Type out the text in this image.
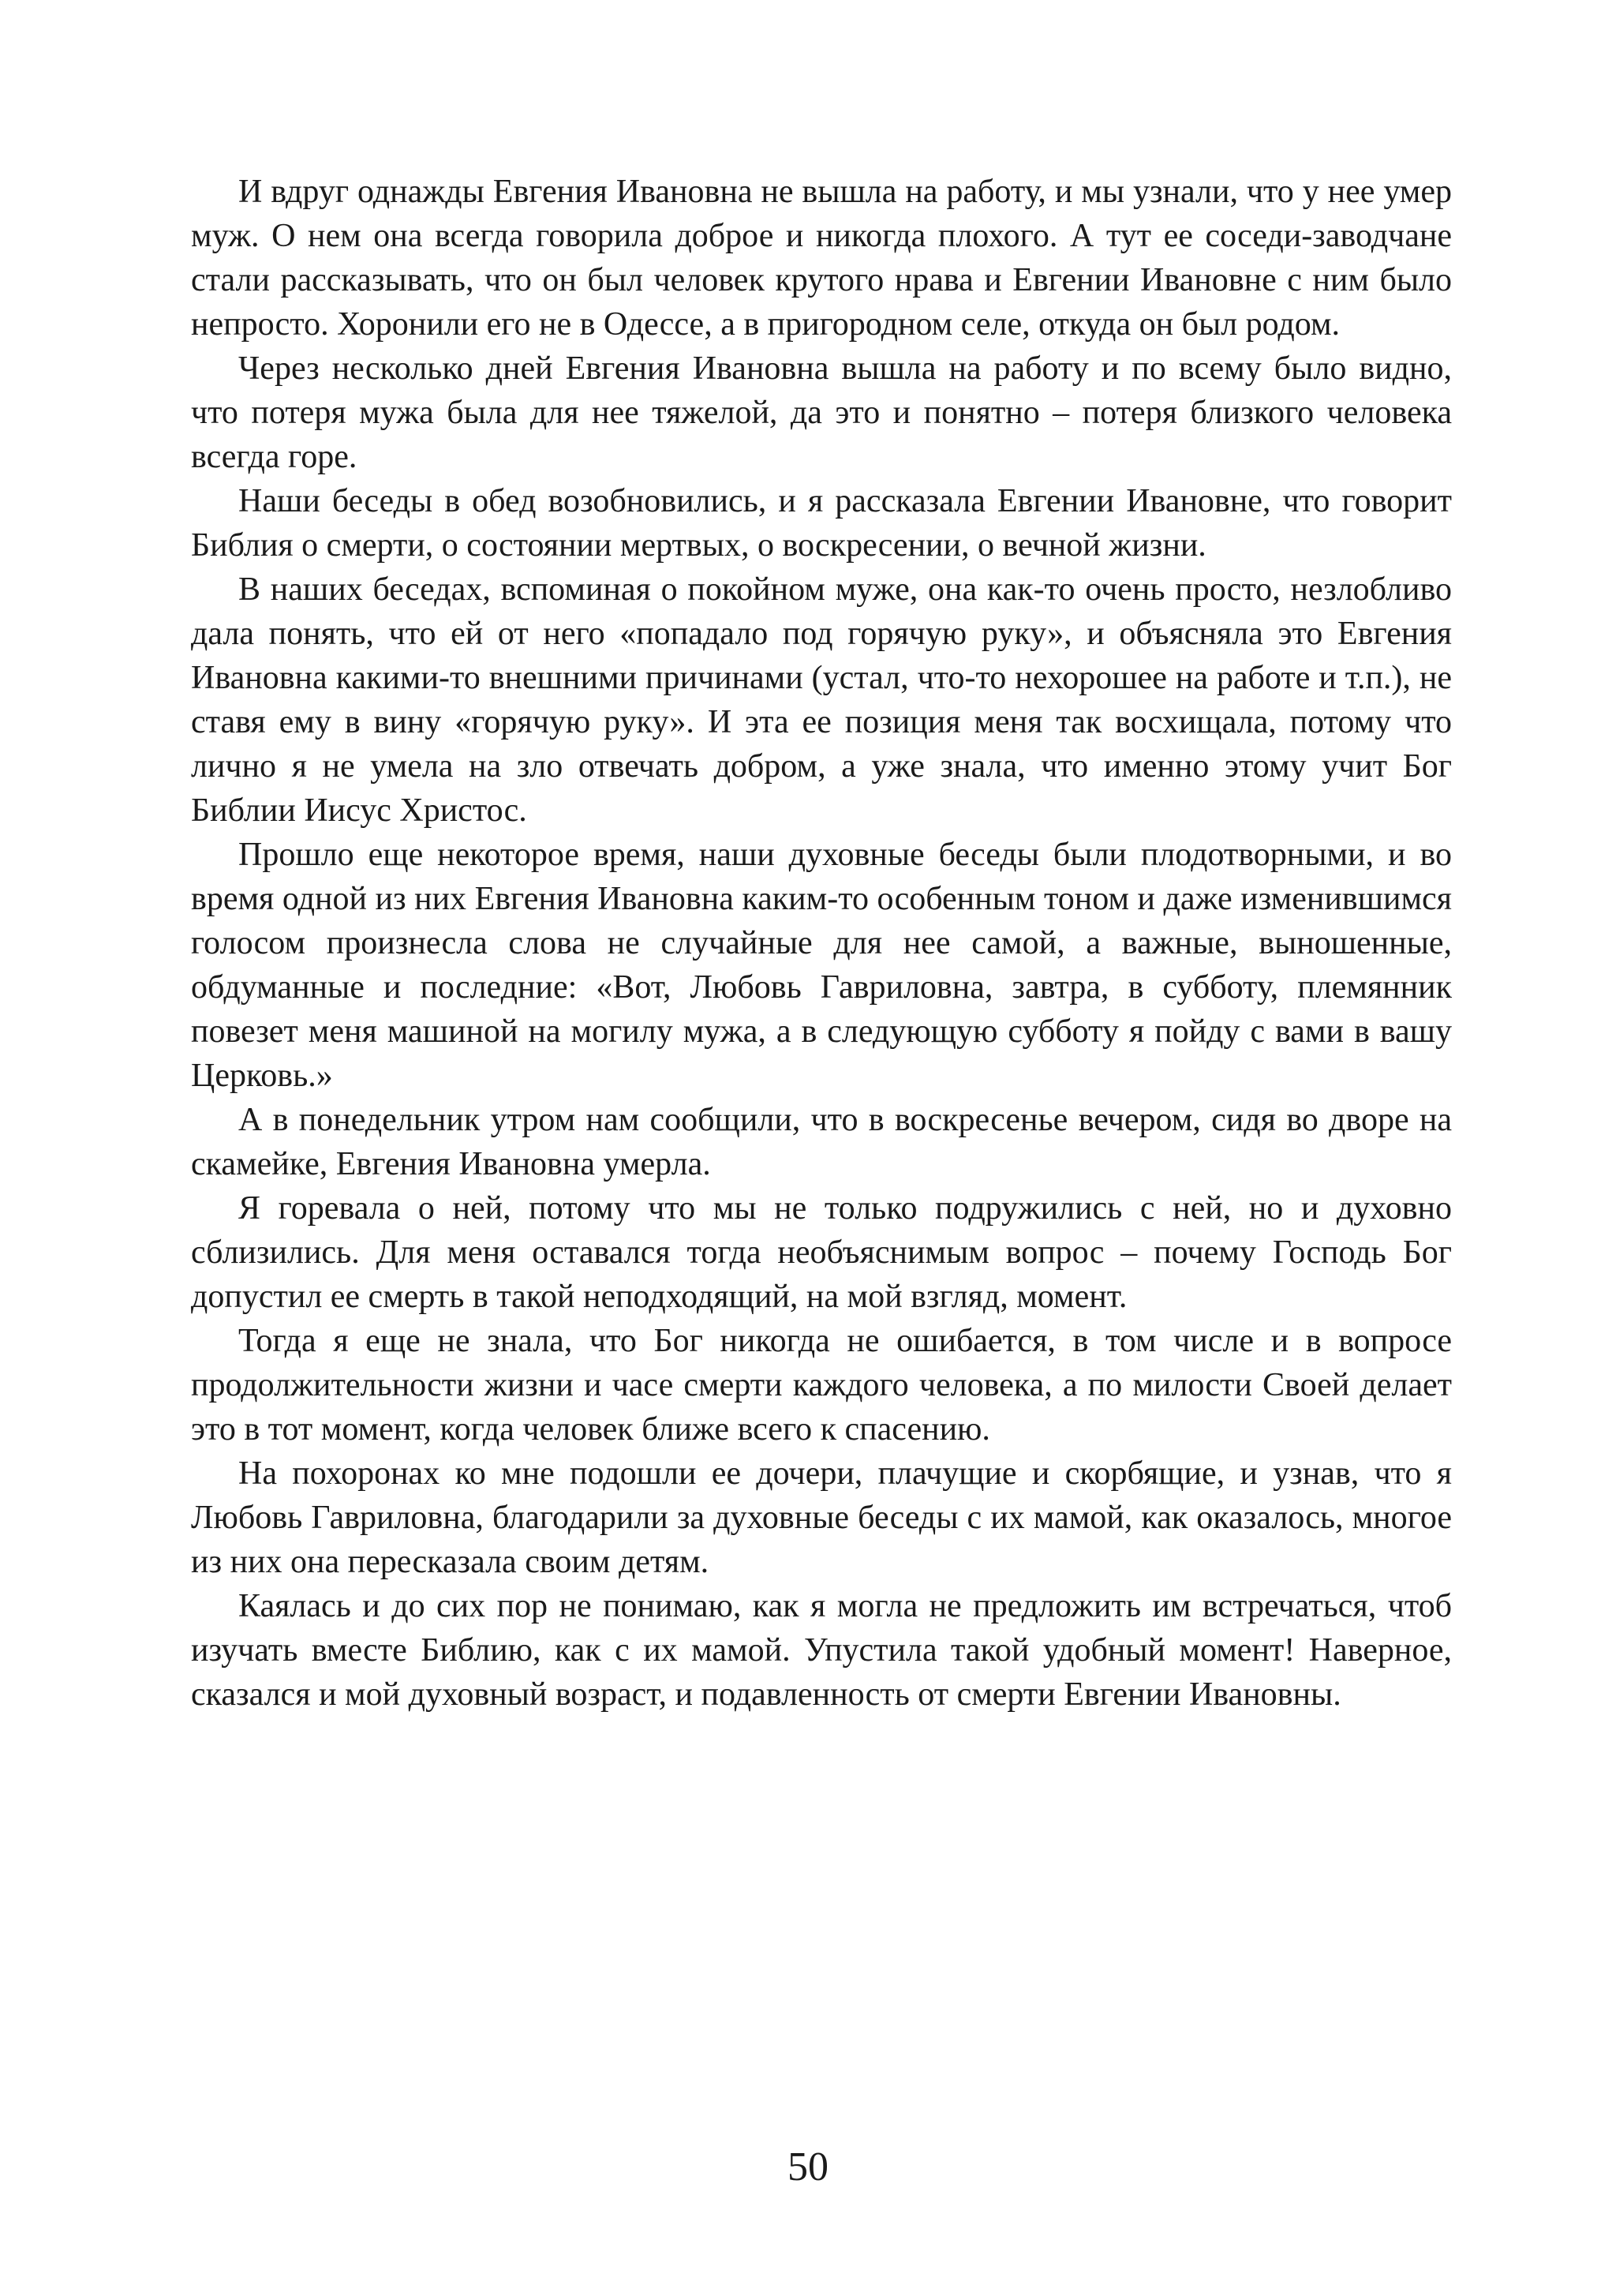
И вдруг однажды Евгения Ивановна не вышла на работу, и мы узнали, что у нее умер муж. О нем она всегда говорила доброе и никогда плохого. А тут ее соседи-заводчане стали рассказывать, что он был человек крутого нрава и Евгении Ивановне с ним было непросто. Хоронили его не в Одессе, а в пригородном селе, откуда он был родом.

Через несколько дней Евгения Ивановна вышла на работу и по всему было видно, что потеря мужа была для нее тяжелой, да это и понятно – потеря близкого человека всегда горе.

Наши беседы в обед возобновились, и я рассказала Евгении Ивановне, что говорит Библия о смерти, о состоянии мертвых, о воскресении, о вечной жизни.

В наших беседах, вспоминая о покойном муже, она как-то очень просто, незлобливо дала понять, что ей от него «попадало под горячую руку», и объясняла это Евгения Ивановна какими-то внешними причинами (устал, что-то нехорошее на работе и т.п.), не ставя ему в вину «горячую руку». И эта ее позиция меня так восхищала, потому что лично я не умела на зло отвечать добром, а уже знала, что именно этому учит Бог Библии Иисус Христос.

Прошло еще некоторое время, наши духовные беседы были плодотворными, и во время одной из них Евгения Ивановна каким-то особенным тоном и даже изменившимся голосом произнесла слова не случайные для нее самой, а важные, выношенные, обдуманные и последние: «Вот, Любовь Гавриловна, завтра, в субботу, племянник повезет меня машиной на могилу мужа, а в следующую субботу я пойду с вами в вашу Церковь.»

А в понедельник утром нам сообщили, что в воскресенье вечером, сидя во дворе на скамейке, Евгения Ивановна умерла.

Я горевала о ней, потому что мы не только подружились с ней, но и духовно сблизились. Для меня оставался тогда необъяснимым вопрос – почему Господь Бог допустил ее смерть в такой неподходящий, на мой взгляд, момент.

Тогда я еще не знала, что Бог никогда не ошибается, в том числе и в вопросе продолжительности жизни и часе смерти каждого человека, а по милости Своей делает это в тот момент, когда человек ближе всего к спасению.

На похоронах ко мне подошли ее дочери, плачущие и скорбящие, и узнав, что я Любовь Гавриловна, благодарили за духовные беседы с их мамой, как оказалось, многое из них она пересказала своим детям.

Каялась и до сих пор не понимаю, как я могла не предложить им встречаться, чтоб изучать вместе Библию, как с их мамой. Упустила такой удобный момент! Наверное, сказался и мой духовный возраст, и подавленность от смерти Евгении Ивановны.

50
